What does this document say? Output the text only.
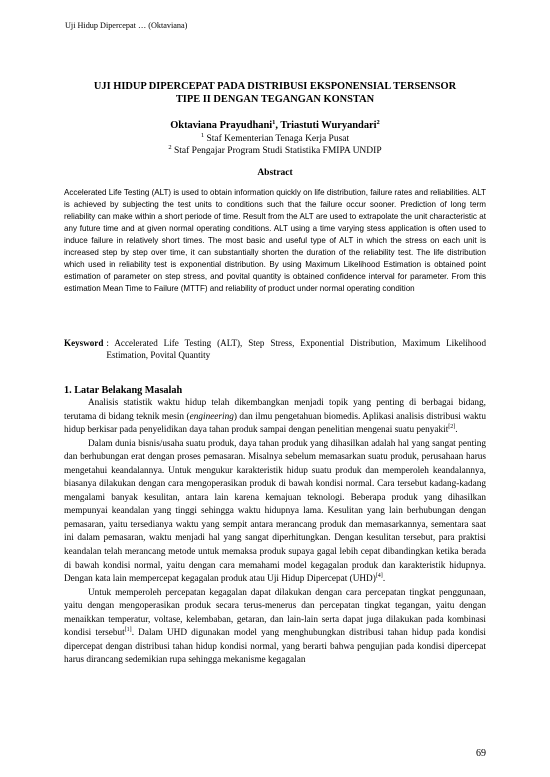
Uji Hidup Dipercepat … (Oktaviana)
UJI HIDUP DIPERCEPAT PADA DISTRIBUSI EKSPONENSIAL TERSENSOR
TIPE II DENGAN TEGANGAN KONSTAN
Oktaviana Prayudhani$^1$, Triastuti Wuryandari$^2$
$^1$ Staf Kementerian Tenaga Kerja Pusat
$^2$ Staf Pengajar Program Studi Statistika FMIPA UNDIP
Abstract
Accelerated Life Testing (ALT) is used to obtain information quickly on life distribution, failure rates and reliabilities. ALT is achieved by subjecting the test units to conditions such that the failure occur sooner. Prediction of long term reliability can make within a short periode of time. Result from the ALT are used to extrapolate the unit characteristic at any future time and at given normal operating conditions. ALT using a time varying stess application is often used to induce failure in relatively short times. The most basic and useful type of ALT in which the stress on each unit is increased step by step over time, it can substantially shorten the duration of the reliability test. The life distribution which used in reliability test is exponential distribution. By using Maximum Likelihood Estimation is obtained point estimation of parameter on step stress, and povital quantity is obtained confidence interval for parameter. From this estimation Mean Time to Failure (MTTF) and reliability of product under normal operating condition
Keysword : Accelerated Life Testing (ALT), Step Stress, Exponential Distribution, Maximum Likelihood Estimation, Povital Quantity
1. Latar Belakang Masalah

Analisis statistik waktu hidup telah dikembangkan menjadi topik yang penting di berbagai bidang, terutama di bidang teknik mesin (engineering) dan ilmu pengetahuan biomedis. Aplikasi analisis distribusi waktu hidup berkisar pada penyelidikan daya tahan produk sampai dengan penelitian mengenai suatu penyakit[2].

Dalam dunia bisnis/usaha suatu produk, daya tahan produk yang dihasilkan adalah hal yang sangat penting dan berhubungan erat dengan proses pemasaran. Misalnya sebelum memasarkan suatu produk, perusahaan harus mengetahui keandalannya. Untuk mengukur karakteristik hidup suatu produk dan memperoleh keandalannya, biasanya dilakukan dengan cara mengoperasikan produk di bawah kondisi normal. Cara tersebut kadang-kadang mengalami banyak kesulitan, antara lain karena kemajuan teknologi. Beberapa produk yang dihasilkan mempunyai keandalan yang tinggi sehingga waktu hidupnya lama. Kesulitan yang lain berhubungan dengan pemasaran, yaitu tersedianya waktu yang sempit antara merancang produk dan memasarkannya, sementara saat ini dalam pemasaran, waktu menjadi hal yang sangat diperhitungkan. Dengan kesulitan tersebut, para praktisi keandalan telah merancang metode untuk memaksa produk supaya gagal lebih cepat dibandingkan ketika berada di bawah kondisi normal, yaitu dengan cara memahami model kegagalan produk dan karakteristik hidupnya. Dengan kata lain mempercepat kegagalan produk atau Uji Hidup Dipercepat (UHD)[4].

Untuk memperoleh percepatan kegagalan dapat dilakukan dengan cara percepatan tingkat penggunaan, yaitu dengan mengoperasikan produk secara terus-menerus dan percepatan tingkat tegangan, yaitu dengan menaikkan temperatur, voltase, kelembaban, getaran, dan lain-lain serta dapat juga dilakukan pada kombinasi kondisi tersebut[1]. Dalam UHD digunakan model yang menghubungkan distribusi tahan hidup pada kondisi dipercepat dengan distribusi tahan hidup kondisi normal, yang berarti bahwa pengujian pada kondisi dipercepat harus dirancang sedemikian rupa sehingga mekanisme kegagalan

69
